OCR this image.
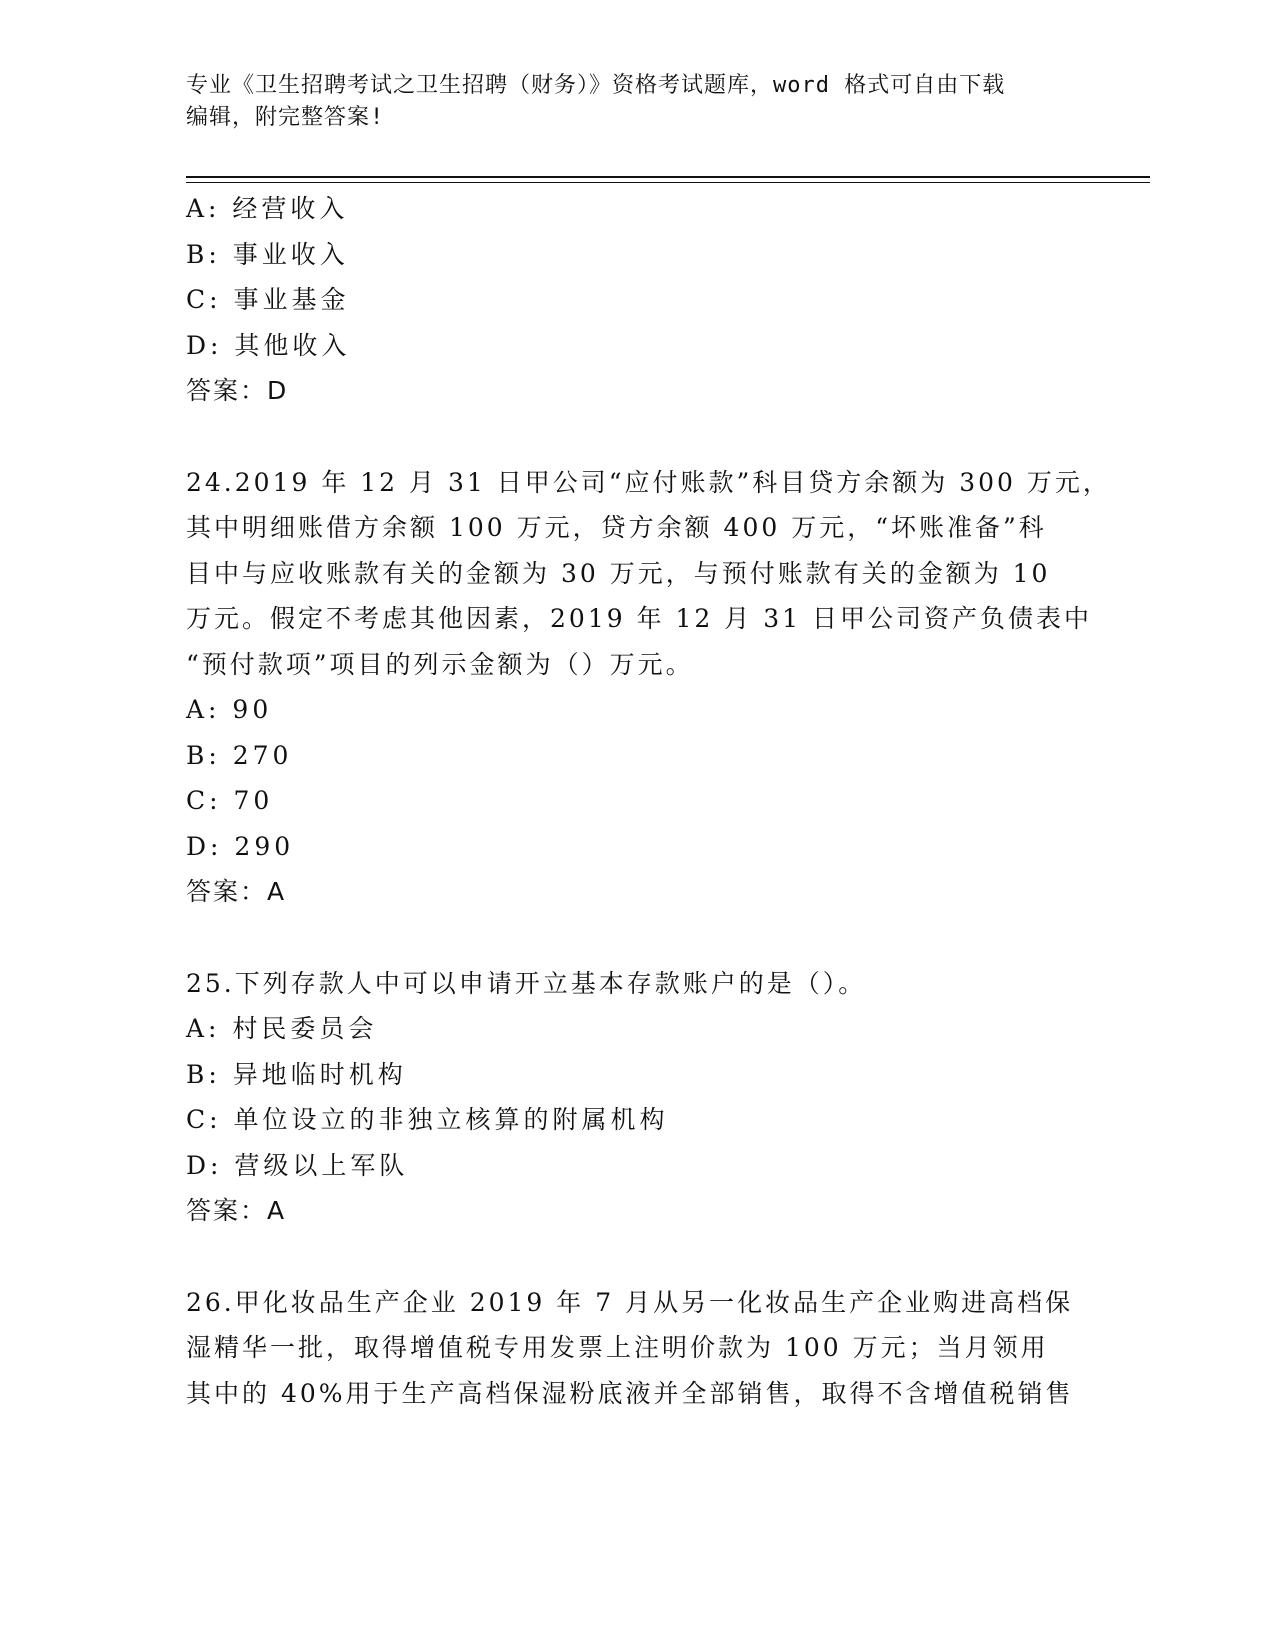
专业《卫生招聘考试之卫生招聘（财务）》资格考试题库，word 格式可自由下载
编辑，附完整答案!
A: 经营收入
B: 事业收入
C: 事业基金
D: 其他收入
答案：D
24.2019 年 12 月 31 日甲公司“应付账款”科目贷方余额为 300 万元，
其中明细账借方余额 100 万元，贷方余额 400 万元，“坏账准备”科
目中与应收账款有关的金额为 30 万元，与预付账款有关的金额为 10
万元。假定不考虑其他因素，2019 年 12 月 31 日甲公司资产负债表中
“预付款项”项目的列示金额为（）万元。
A: 90
B: 270
C: 70
D: 290
答案：A
25.下列存款人中可以申请开立基本存款账户的是（）。
A: 村民委员会
B: 异地临时机构
C: 单位设立的非独立核算的附属机构
D: 营级以上军队
答案：A
26.甲化妆品生产企业 2019 年 7 月从另一化妆品生产企业购进高档保
湿精华一批，取得增值税专用发票上注明价款为 100 万元；当月领用
其中的 40%用于生产高档保湿粉底液并全部销售，取得不含增值税销售
